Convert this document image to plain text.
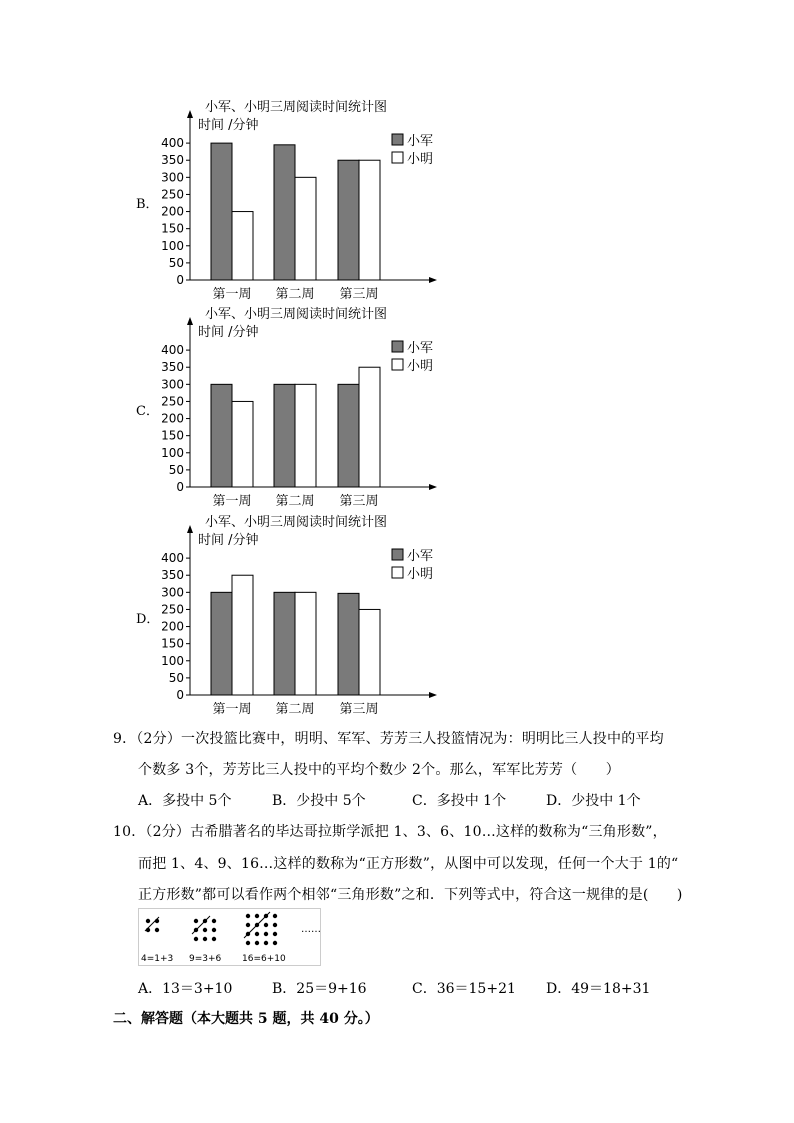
B．
小军、小明三周阅读时间统计图
时间 /分钟
0
50
100
150
200
250
300
350
400
第一周 第二周 第三周
小军
小明
C．
小军、小明三周阅读时间统计图
时间 /分钟
0
50
100
150
200
250
300
350
400
第一周 第二周 第三周
小军
小明
D．
小军、小明三周阅读时间统计图
时间 /分钟
0
50
100
150
200
250
300
350
400
第一周 第二周 第三周
小军
小明
9．（2分）一次投篮比赛中，明明、军军、芳芳三人投篮情况为：明明比三人投中的平均
个数多 3个，芳芳比三人投中的平均个数少 2个。那么，军军比芳芳（　　）
A．多投中 5个	B．少投中 5个	C．多投中 1个	D．少投中 1个
10．（2分）古希腊著名的毕达哥拉斯学派把 1、3、6、10…这样的数称为“三角形数”，
而把 1、4、9、16…这样的数称为“正方形数”，从图中可以发现，任何一个大于 1的“
正方形数”都可以看作两个相邻“三角形数”之和．下列等式中，符合这一规律的是(　　)
……
4=1+3 9=3+6 16=6+10
A．13＝3+10	B．25＝9+16	C．36＝15+21 D．49＝18+31
二、解答题（本大题共 5 题，共 40 分。）
